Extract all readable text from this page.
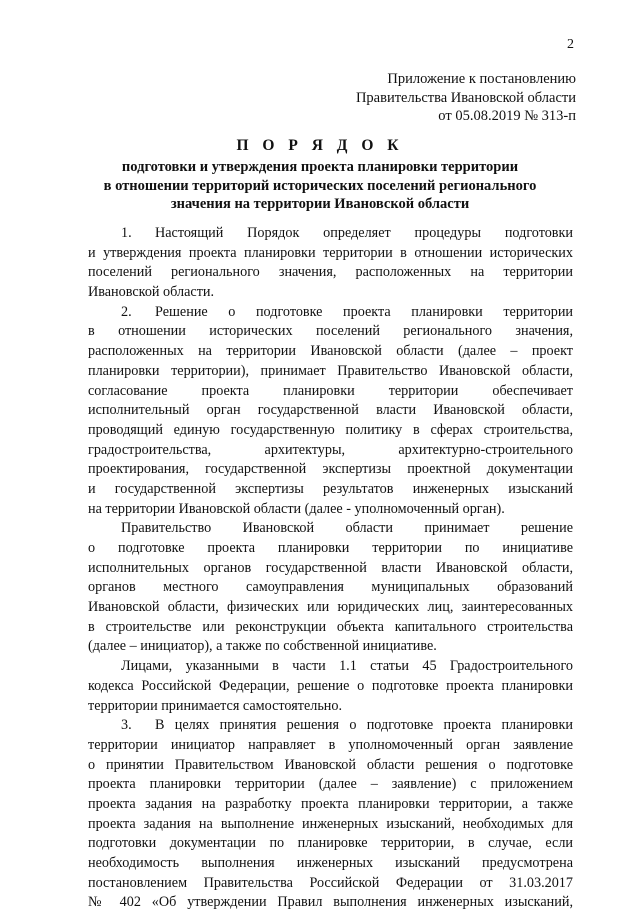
2
Приложение к постановлению
Правительства Ивановской области
от 05.08.2019 № 313-п
П О Р Я Д О К
подготовки и утверждения проекта планировки территории
в отношении территорий исторических поселений регионального
значения на территории Ивановской области
1. Настоящий Порядок определяет процедуры подготовки
и утверждения проекта планировки территории в отношении исторических
поселений регионального значения, расположенных на территории
Ивановской области.
2. Решение о подготовке проекта планировки территории
в отношении исторических поселений регионального значения,
расположенных на территории Ивановской области (далее – проект
планировки территории), принимает Правительство Ивановской области,
согласование проекта планировки территории обеспечивает
исполнительный орган государственной власти Ивановской области,
проводящий единую государственную политику в сферах строительства,
градостроительства, архитектуры, архитектурно-строительного
проектирования, государственной экспертизы проектной документации
и государственной экспертизы результатов инженерных изысканий
на территории Ивановской области (далее - уполномоченный орган).
Правительство Ивановской области принимает решение
о подготовке проекта планировки территории по инициативе
исполнительных органов государственной власти Ивановской области,
органов местного самоуправления муниципальных образований
Ивановской области, физических или юридических лиц, заинтересованных
в строительстве или реконструкции объекта капитального строительства
(далее – инициатор), а также по собственной инициативе.
Лицами, указанными в части 1.1 статьи 45 Градостроительного
кодекса Российской Федерации, решение о подготовке проекта планировки
территории принимается самостоятельно.
3. В целях принятия решения о подготовке проекта планировки
территории инициатор направляет в уполномоченный орган заявление
о принятии Правительством Ивановской области решения о подготовке
проекта планировки территории (далее – заявление) с приложением
проекта задания на разработку проекта планировки территории, а также
проекта задания на выполнение инженерных изысканий, необходимых для
подготовки документации по планировке территории, в случае, если
необходимость выполнения инженерных изысканий предусмотрена
постановлением Правительства Российской Федерации от 31.03.2017
№ 402 «Об утверждении Правил выполнения инженерных изысканий,
